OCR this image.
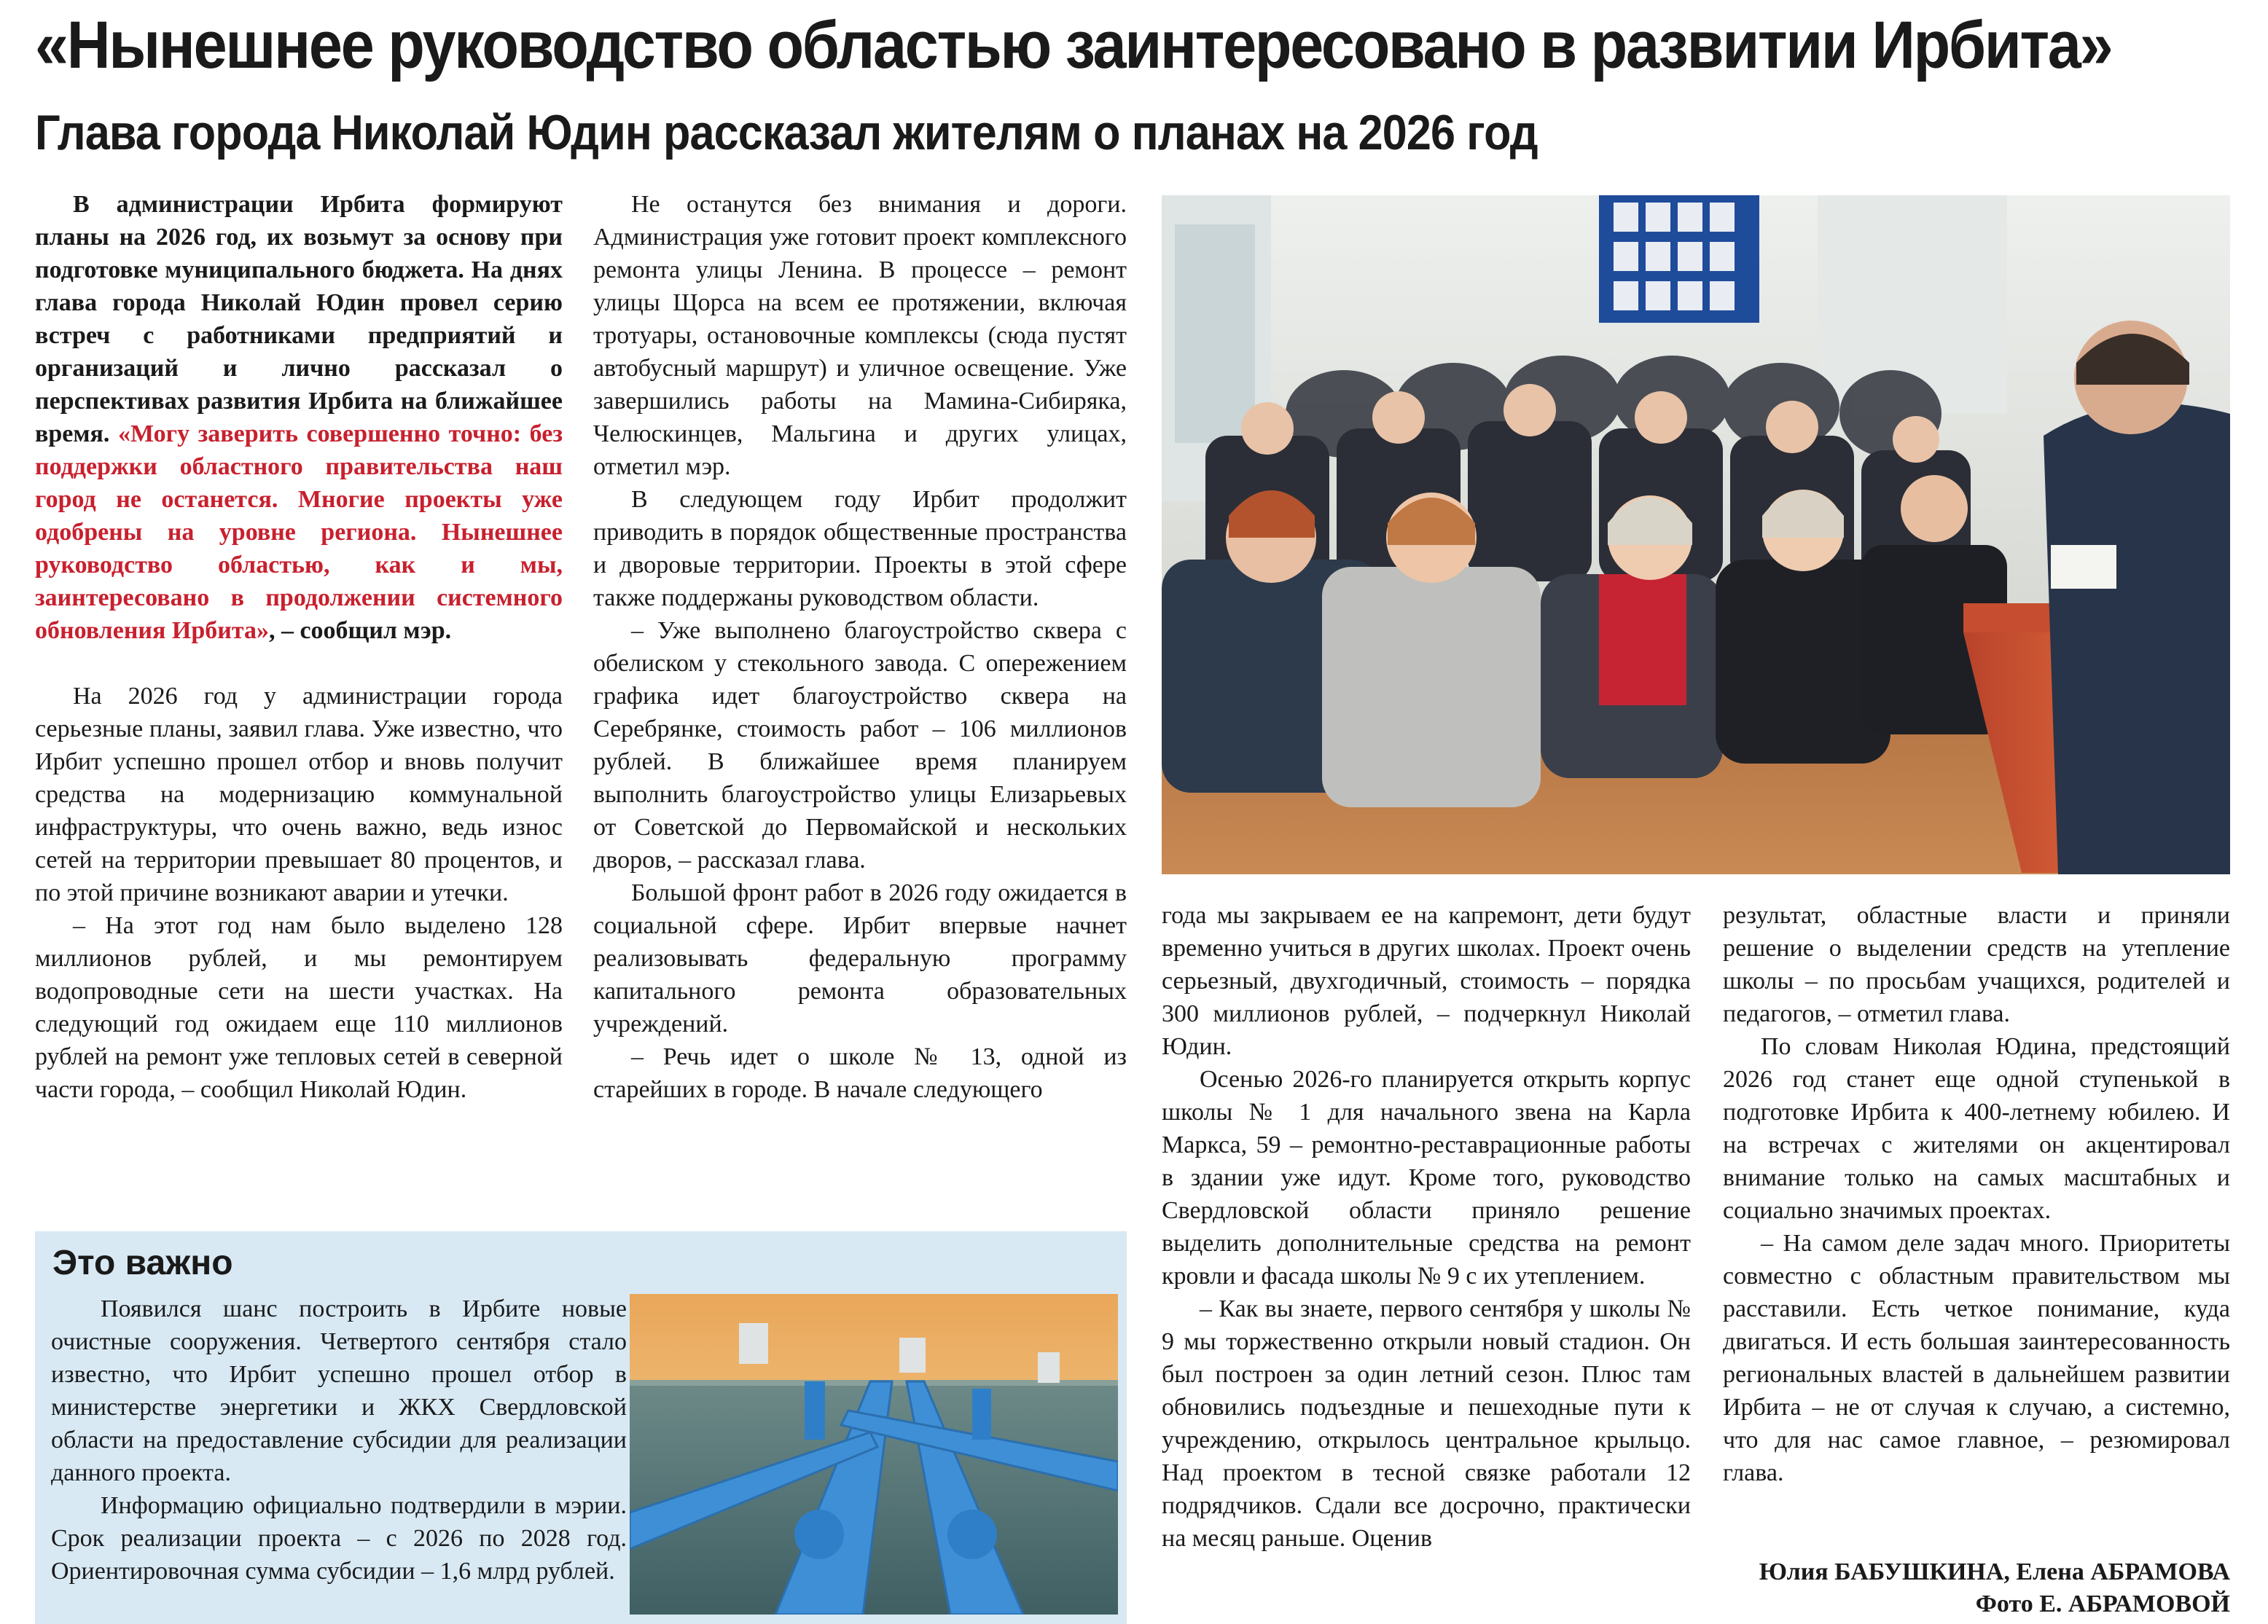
«Нынешнее руководство областью заинтересовано в развитии Ирбита»
Глава города Николай Юдин рассказал жителям о планах на 2026 год

В администрации Ирбита формируют планы на 2026 год, их возьмут за основу при подготовке муниципального бюджета. На днях глава города Николай Юдин провел серию встреч с работниками предприятий и организаций и лично рассказал о перспективах развития Ирбита на ближайшее время. «Могу заверить совершенно точно: без поддержки областного правительства наш город не останется. Многие проекты уже одобрены на уровне региона. Нынешнее руководство областью, как и мы, заинтересовано в продолжении системного обновления Ирбита», – сообщил мэр.

На 2026 год у администрации города серьезные планы, заявил глава. Уже известно, что Ирбит успешно прошел отбор и вновь получит средства на модернизацию коммунальной инфраструктуры, что очень важно, ведь износ сетей на территории превышает 80 процентов, и по этой причине возникают аварии и утечки.

– На этот год нам было выделено 128 миллионов рублей, и мы ремонтируем водопроводные сети на шести участках. На следующий год ожидаем еще 110 миллионов рублей на ремонт уже тепловых сетей в северной части города, – сообщил Николай Юдин.

Не останутся без внимания и дороги. Администрация уже готовит проект комплексного ремонта улицы Ленина. В процессе – ремонт улицы Щорса на всем ее протяжении, включая тротуары, остановочные комплексы (сюда пустят автобусный маршрут) и уличное освещение. Уже завершились работы на Мамина-Сибиряка, Челюскинцев, Мальгина и других улицах, отметил мэр.

В следующем году Ирбит продолжит приводить в порядок общественные пространства и дворовые территории. Проекты в этой сфере также поддержаны руководством области.

– Уже выполнено благоустройство сквера с обелиском у стекольного завода. С опережением графика идет благоустройство сквера на Серебрянке, стоимость работ – 106 миллионов рублей. В ближайшее время планируем выполнить благоустройство улицы Елизарьевых от Советской до Первомайской и нескольких дворов, – рассказал глава.

Большой фронт работ в 2026 году ожидается в социальной сфере. Ирбит впервые начнет реализовывать федеральную программу капитального ремонта образовательных учреждений.

– Речь идет о школе № 13, одной из старейших в городе. В начале следующего

года мы закрываем ее на капремонт, дети будут временно учиться в других школах. Проект очень серьезный, двухгодичный, стоимость – порядка 300 миллионов рублей, – подчеркнул Николай Юдин.

Осенью 2026-го планируется открыть корпус школы № 1 для начального звена на Карла Маркса, 59 – ремонтно-реставрационные работы в здании уже идут. Кроме того, руководство Свердловской области приняло решение выделить дополнительные средства на ремонт кровли и фасада школы № 9 с их утеплением.

– Как вы знаете, первого сентября у школы № 9 мы торжественно открыли новый стадион. Он был построен за один летний сезон. Плюс там обновились подъездные и пешеходные пути к учреждению, открылось центральное крыльцо. Над проектом в тесной связке работали 12 подрядчиков. Сдали все досрочно, практически на месяц раньше. Оценив

результат, областные власти и приняли решение о выделении средств на утепление школы – по просьбам учащихся, родителей и педагогов, – отметил глава.

По словам Николая Юдина, предстоящий 2026 год станет еще одной ступенькой в подготовке Ирбита к 400-летнему юбилею. И на встречах с жителями он акцентировал внимание только на самых масштабных и социально значимых проектах.

– На самом деле задач много. Приоритеты совместно с областным правительством мы расставили. Есть четкое понимание, куда двигаться. И есть большая заинтересованность региональных властей в дальнейшем развитии Ирбита – не от случая к случаю, а системно, что для нас самое главное, – резюмировал глава.

Это важно

Появился шанс построить в Ирбите новые очистные сооружения. Четвертого сентября стало известно, что Ирбит успешно прошел отбор в министерстве энергетики и ЖКХ Свердловской области на предоставление субсидии для реализации данного проекта.

Информацию официально подтвердили в мэрии. Срок реализации проекта – с 2026 по 2028 год. Ориентировочная сумма субсидии – 1,6 млрд рублей.	Юлия БАБУШКИНА, Елена АБРАМОВА
Фото Е. АБРАМОВОЙ
